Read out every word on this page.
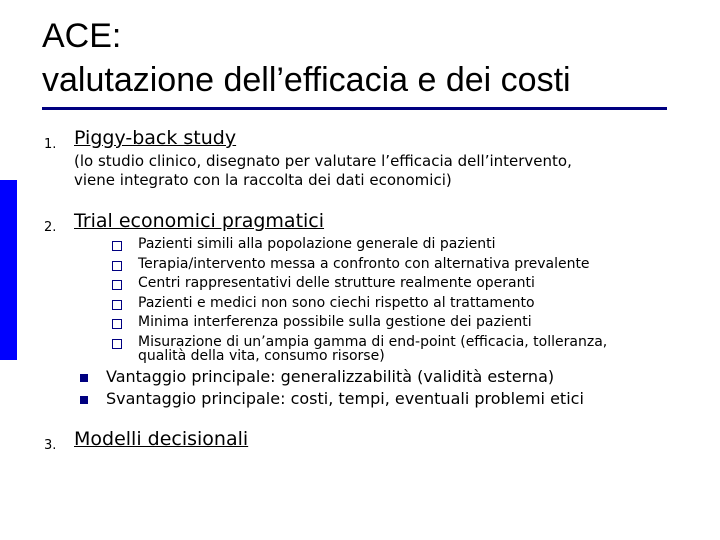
ACE:
valutazione dell’efficacia e dei costi
1. Piggy-back study
(lo studio clinico, disegnato per valutare l’efficacia dell’intervento,
viene integrato con la raccolta dei dati economici)
2. Trial economici pragmatici
Pazienti simili alla popolazione generale di pazienti
Terapia/intervento messa a confronto con alternativa prevalente
Centri rappresentativi delle strutture realmente operanti
Pazienti e medici non sono ciechi rispetto al trattamento
Minima interferenza possibile sulla gestione dei pazienti
Misurazione di un’ampia gamma di end-point (efficacia, tolleranza,
qualità della vita, consumo risorse)
Vantaggio principale: generalizzabilità (validità esterna)
Svantaggio principale: costi, tempi, eventuali problemi etici
3. Modelli decisionali
